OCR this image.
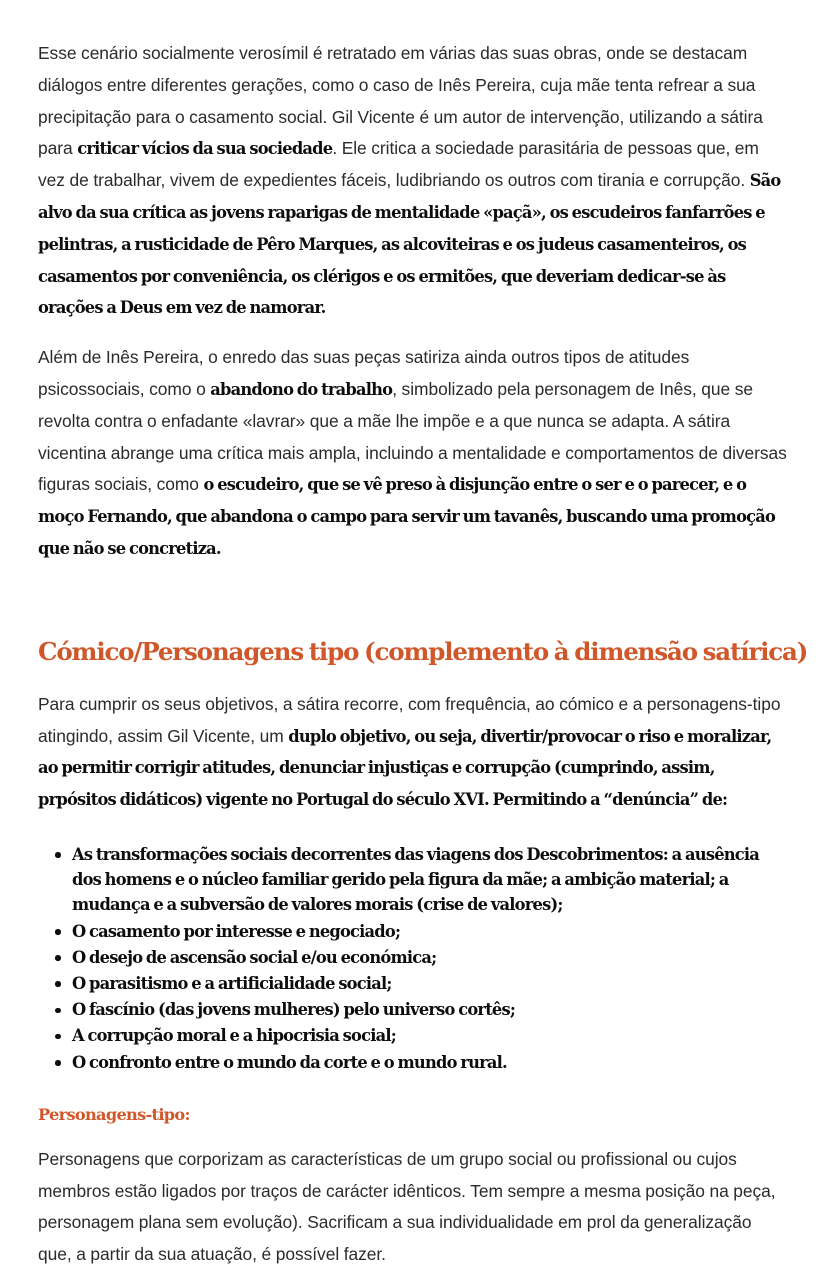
Esse cenário socialmente verosímil é retratado em várias das suas obras, onde se destacam diálogos entre diferentes gerações, como o caso de Inês Pereira, cuja mãe tenta refrear a sua precipitação para o casamento social. Gil Vicente é um autor de intervenção, utilizando a sátira para criticar vícios da sua sociedade. Ele critica a sociedade parasitária de pessoas que, em vez de trabalhar, vivem de expedientes fáceis, ludibriando os outros com tirania e corrupção. São alvo da sua crítica as jovens raparigas de mentalidade «paçã», os escudeiros fanfarrões e pelintras, a rusticidade de Pêro Marques, as alcoviteiras e os judeus casamenteiros, os casamentos por conveniência, os clérigos e os ermitões, que deveriam dedicar-se às orações a Deus em vez de namorar.

Além de Inês Pereira, o enredo das suas peças satiriza ainda outros tipos de atitudes psicossociais, como o abandono do trabalho, simbolizado pela personagem de Inês, que se revolta contra o enfadante «lavrar» que a mãe lhe impõe e a que nunca se adapta. A sátira vicentina abrange uma crítica mais ampla, incluindo a mentalidade e comportamentos de diversas figuras sociais, como o escudeiro, que se vê preso à disjunção entre o ser e o parecer, e o moço Fernando, que abandona o campo para servir um tavanês, buscando uma promoção que não se concretiza.

Cómico/Personagens tipo (complemento à dimensão satírica)

Para cumprir os seus objetivos, a sátira recorre, com frequência, ao cómico e a personagens-tipo atingindo, assim Gil Vicente, um duplo objetivo, ou seja, divertir/provocar o riso e moralizar, ao permitir corrigir atitudes, denunciar injustiças e corrupção (cumprindo, assim, prpósitos didáticos) vigente no Portugal do século XVI. Permitindo a “denúncia” de:

As transformações sociais decorrentes das viagens dos Descobrimentos: a ausência dos homens e o núcleo familiar gerido pela figura da mãe; a ambição material; a mudança e a subversão de valores morais (crise de valores);
O casamento por interesse e negociado;
O desejo de ascensão social e/ou económica;
O parasitismo e a artificialidade social;
O fascínio (das jovens mulheres) pelo universo cortês;
A corrupção moral e a hipocrisia social;
O confronto entre o mundo da corte e o mundo rural.
Personagens-tipo:

Personagens que corporizam as características de um grupo social ou profissional ou cujos membros estão ligados por traços de carácter idênticos. Tem sempre a mesma posição na peça, personagem plana sem evolução). Sacrificam a sua individualidade em prol da generalização que, a partir da sua atuação, é possível fazer.
